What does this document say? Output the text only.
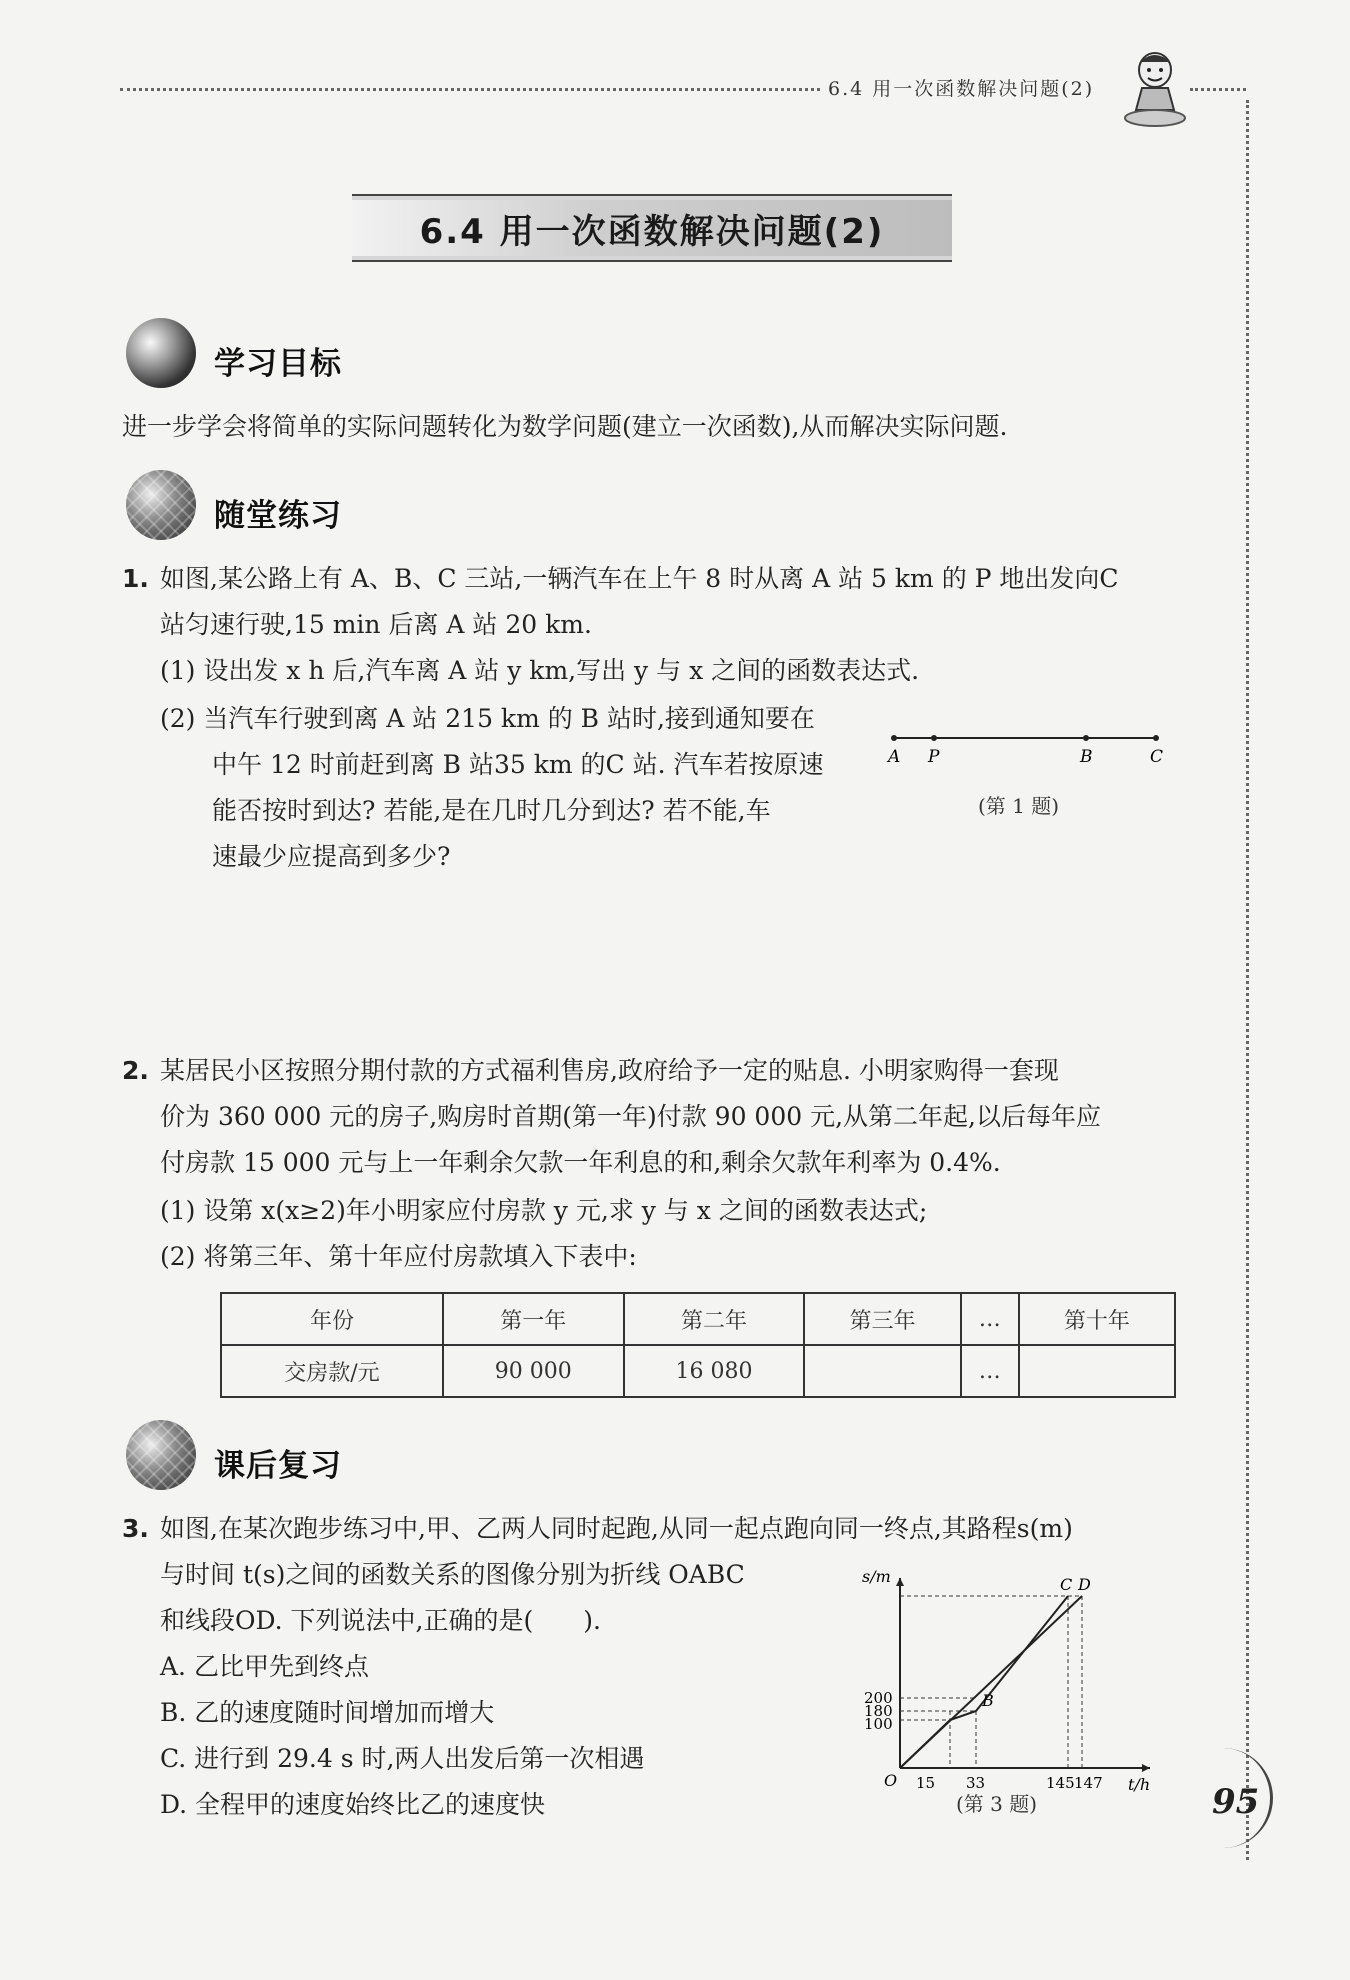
6.4 用一次函数解决问题(2)
6.4 用一次函数解决问题(2)
学习目标
进一步学会将简单的实际问题转化为数学问题(建立一次函数),从而解决实际问题.
随堂练习
1. 如图,某公路上有 A、B、C 三站,一辆汽车在上午 8 时从离 A 站 5 km 的 P 地出发向C
站匀速行驶,15 min 后离 A 站 20 km.
(1) 设出发 x h 后,汽车离 A 站 y km,写出 y 与 x 之间的函数表达式.
(2) 当汽车行驶到离 A 站 215 km 的 B 站时,接到通知要在
中午 12 时前赶到离 B 站35 km 的C 站. 汽车若按原速
能否按时到达? 若能,是在几时几分到达? 若不能,车
速最少应提高到多少?
A P	B	C
(第 1 题)
2. 某居民小区按照分期付款的方式福利售房,政府给予一定的贴息. 小明家购得一套现
价为 360 000 元的房子,购房时首期(第一年)付款 90 000 元,从第二年起,以后每年应
付房款 15 000 元与上一年剩余欠款一年利息的和,剩余欠款年利率为 0.4%.
(1) 设第 x(x≥2)年小明家应付房款 y 元,求 y 与 x 之间的函数表达式;
(2) 将第三年、第十年应付房款填入下表中:
年份	第一年	第二年	第三年	…	第十年
交房款/元	90 000	16 080		…	
课后复习
3. 如图,在某次跑步练习中,甲、乙两人同时起跑,从同一起点跑向同一终点,其路程s(m)
与时间 t(s)之间的函数关系的图像分别为折线 OABC
和线段OD. 下列说法中,正确的是(　　).
A. 乙比甲先到终点
B. 乙的速度随时间增加而增大
C. 进行到 29.4 s 时,两人出发后第一次相遇
D. 全程甲的速度始终比乙的速度快
s/m
t/h
O
200
180
100
15 33	145 147
B
C D
(第 3 题)	95
